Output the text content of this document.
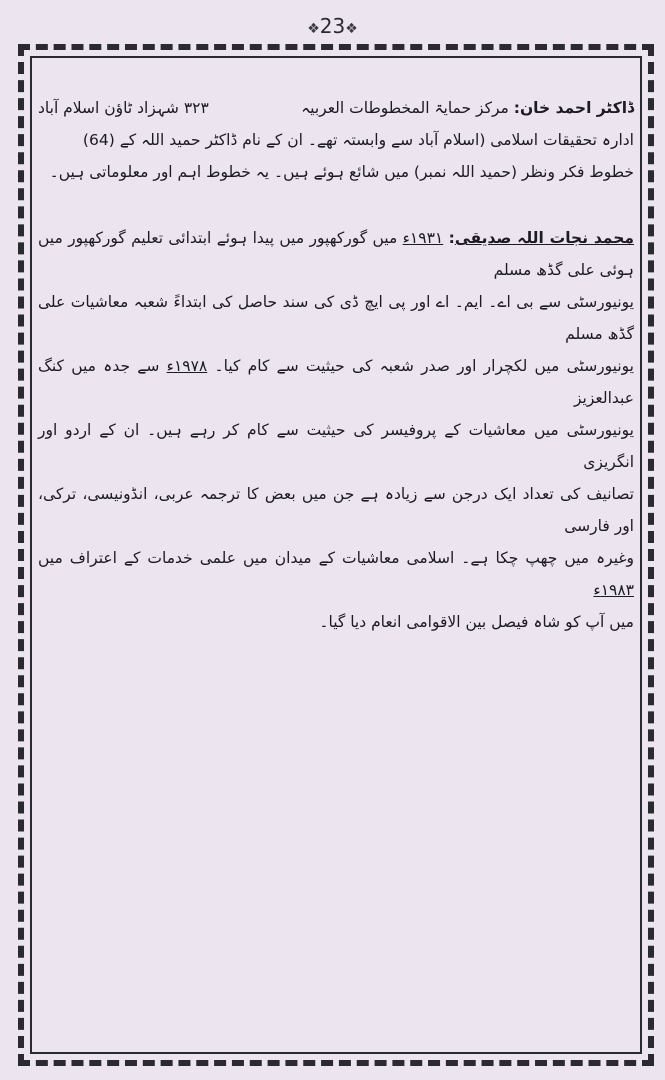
❖23❖

ڈاکٹر احمد خان: مرکز حمایۃ المخطوطات العربیہ
۳۲۳ شہزاد ٹاؤن اسلام آباد

ادارہ تحقیقات اسلامی (اسلام آباد سے وابستہ تھے۔ ان کے نام ڈاکٹر حمید اللہ کے (64)

خطوط فکر ونظر (حمید اللہ نمبر) میں شائع ہوئے ہیں۔ یہ خطوط اہم اور معلوماتی ہیں۔

محمد نجات اللہ صدیقی: ۱۹۳۱ء میں گورکھپور میں پیدا ہوئے ابتدائی تعلیم گورکھپور میں ہوئی علی گڈھ مسلم

یونیورسٹی سے بی اے۔ ایم۔ اے اور پی ایچ ڈی کی سند حاصل کی ابتداءً شعبہ معاشیات علی گڈھ مسلم

یونیورسٹی میں لکچرار اور صدر شعبہ کی حیثیت سے کام کیا۔ ۱۹۷۸ء سے جدہ میں کنگ عبدالعزیز

یونیورسٹی میں معاشیات کے پروفیسر کی حیثیت سے کام کر رہے ہیں۔ ان کے اردو اور انگریزی

تصانیف کی تعداد ایک درجن سے زیادہ ہے جن میں بعض کا ترجمہ عربی، انڈونیسی، ترکی، اور فارسی

وغیرہ میں چھپ چکا ہے۔ اسلامی معاشیات کے میدان میں علمی خدمات کے اعتراف میں ۱۹۸۳ء

میں آپ کو شاہ فیصل بین الاقوامی انعام دیا گیا۔
